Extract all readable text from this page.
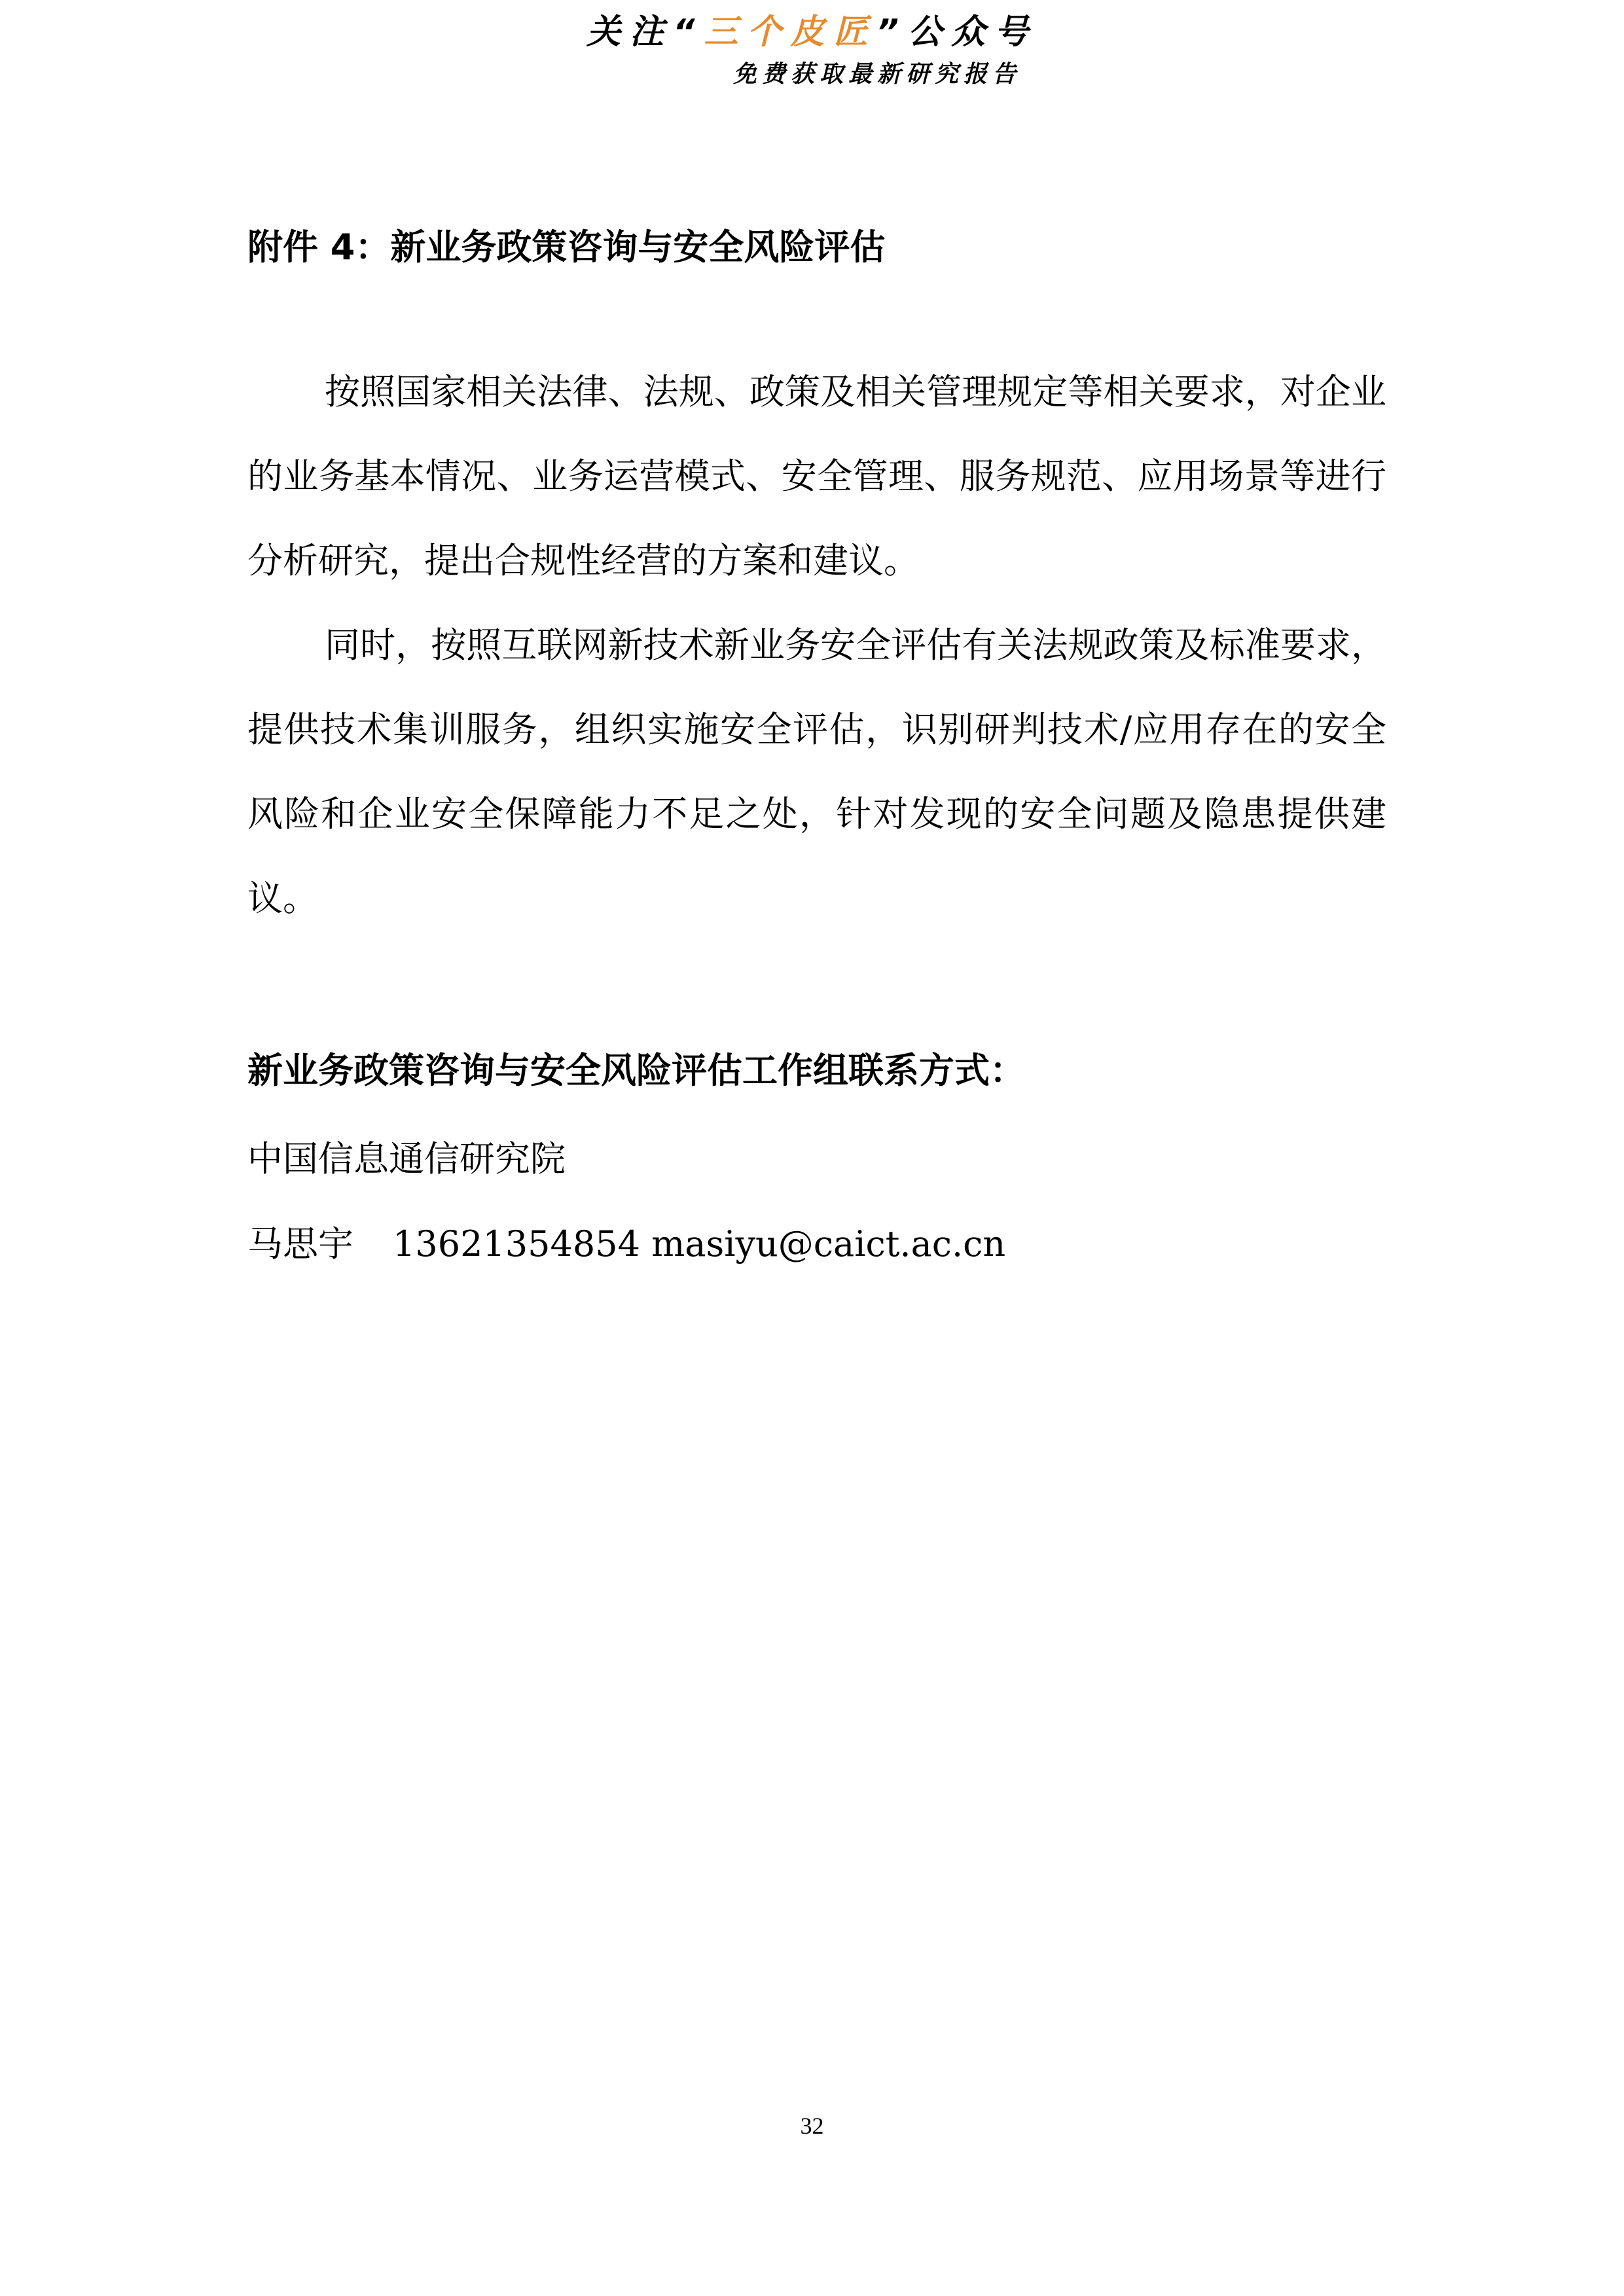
关注“三个皮匠”公众号
免费获取最新研究报告
附件 4：新业务政策咨询与安全风险评估

按照国家相关法律、法规、政策及相关管理规定等相关要求，对企业的业务基本情况、业务运营模式、安全管理、服务规范、应用场景等进行分析研究，提出合规性经营的方案和建议。

同时，按照互联网新技术新业务安全评估有关法规政策及标准要求，提供技术集训服务，组织实施安全评估，识别研判技术/应用存在的安全风险和企业安全保障能力不足之处，针对发现的安全问题及隐患提供建议。

新业务政策咨询与安全风险评估工作组联系方式：
中国信息通信研究院
马思宇 13621354854 masiyu@caict.ac.cn
32
